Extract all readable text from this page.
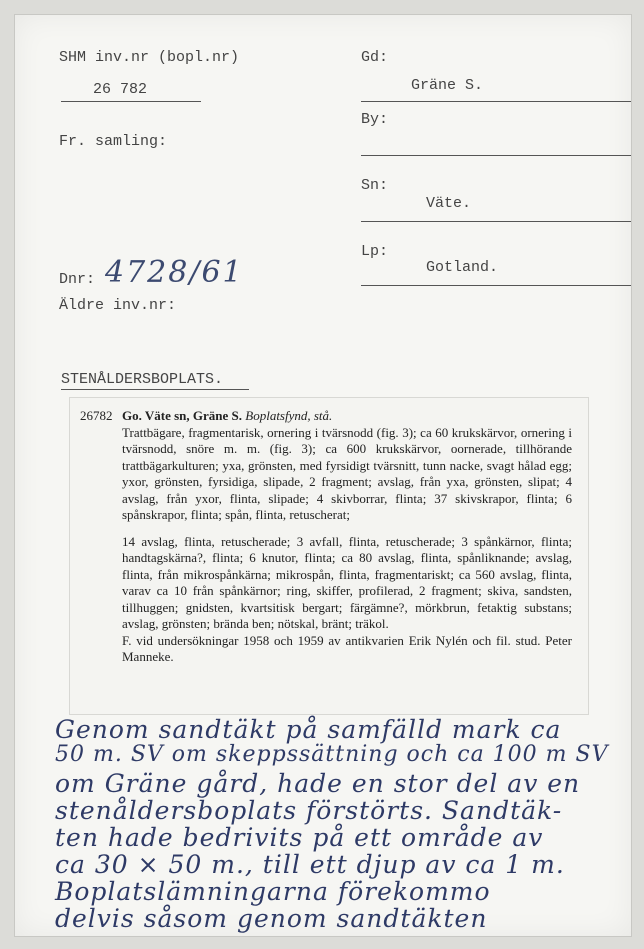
SHM inv.nr (bopl.nr)
26 782
Fr. samling:
Dnr: 4728/61
Äldre inv.nr:
Gd:
Gräne S.
By:
Sn:
Väte.
Lp:
Gotland.
STENÅLDERSBOPLATS.
26782 Go. Väte sn, Gräne S. Boplatsfynd, stå.

Trattbägare, fragmentarisk, ornering i tvärsnodd (fig. 3); ca 60 krukskärvor, ornering i tvärsnodd, snöre m. m. (fig. 3); ca 600 krukskärvor, oornerade, tillhörande trattbägarkulturen; yxa, grönsten, med fyrsidigt tvärsnitt, tunn nacke, svagt hålad egg; yxor, grönsten, fyrsidiga, slipade, 2 fragment; avslag, från yxa, grönsten, slipat; 4 avslag, från yxor, flinta, slipade; 4 skivborrar, flinta; 37 skivskrapor, flinta; 6 spånskrapor, flinta; spån, flinta, retuscherat;

14 avslag, flinta, retuscherade; 3 avfall, flinta, retuscherade; 3 spånkärnor, flinta; handtagskärna?, flinta; 6 knutor, flinta; ca 80 avslag, flinta, spånliknande; avslag, flinta, från mikrospånkärna; mikrospån, flinta, fragmentariskt; ca 560 avslag, flinta, varav ca 10 från spånkärnor; ring, skiffer, profilerad, 2 fragment; skiva, sandsten, tillhuggen; gnidsten, kvartsitisk bergart; färgämne?, mörkbrun, fetaktig substans; avslag, grönsten; brända ben; nötskal, bränt; träkol.

F. vid undersökningar 1958 och 1959 av antikvarien Erik Nylén och fil. stud. Peter Manneke.

Genom sandtäkt på samfälld mark ca
50 m. SV om skeppssättning och ca 100 m SV
om Gräne gård, hade en stor del av en
stenåldersboplats förstörts. Sandtäk-
ten hade bedrivits på ett område av
ca 30 × 50 m., till ett djup av ca 1 m.
Boplatslämningarna förekommo
delvis såsom genom sandtäkten
